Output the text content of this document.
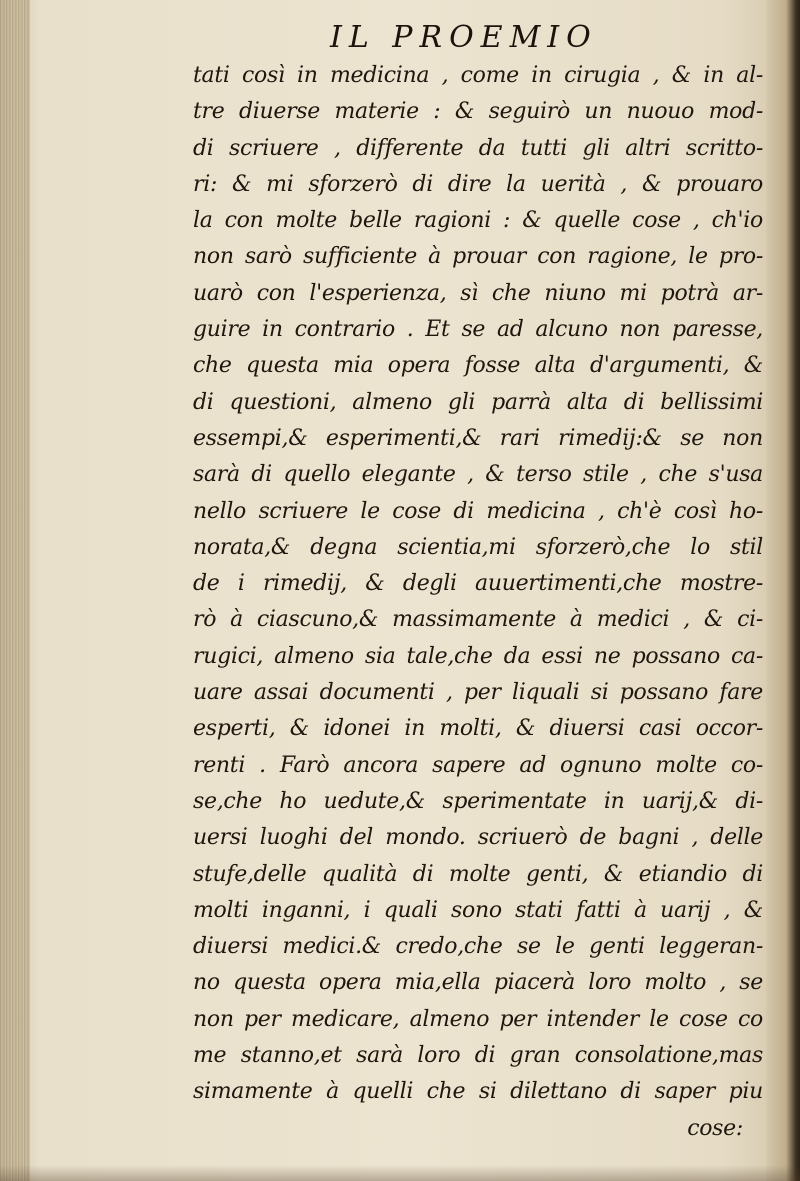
IL PROEMIO
tati così in medicina , come in cirugia , & in al-
tre diuerse materie : & seguirò un nuouo mod-
di scriuere , differente da tutti gli altri scritto-
ri: & mi sforzerò di dire la uerità , & prouaro
la con molte belle ragioni : & quelle cose , ch'io
non sarò sufficiente à prouar con ragione, le pro-
uarò con l'esperienza, sì che niuno mi potrà ar-
guire in contrario . Et se ad alcuno non paresse,
che questa mia opera fosse alta d'argumenti, &
di questioni, almeno gli parrà alta di bellissimi
essempi,& esperimenti,& rari rimedij:& se non
sarà di quello elegante , & terso stile , che s'usa
nello scriuere le cose di medicina , ch'è così ho-
norata,& degna scientia,mi sforzerò,che lo stil
de i rimedij, & degli auuertimenti,che mostre-
rò à ciascuno,& massimamente à medici , & ci-
rugici, almeno sia tale,che da essi ne possano ca-
uare assai documenti , per liquali si possano fare
esperti, & idonei in molti, & diuersi casi occor-
renti . Farò ancora sapere ad ognuno molte co-
se,che ho uedute,& sperimentate in uarij,& di-
uersi luoghi del mondo. scriuerò de bagni , delle
stufe,delle qualità di molte genti, & etiandio di
molti inganni, i quali sono stati fatti à uarij , &
diuersi medici.& credo,che se le genti leggeran-
no questa opera mia,ella piacerà loro molto , se
non per medicare, almeno per intender le cose co
me stanno,et sarà loro di gran consolatione,mas
simamente à quelli che si dilettano di saper piu
cose:
